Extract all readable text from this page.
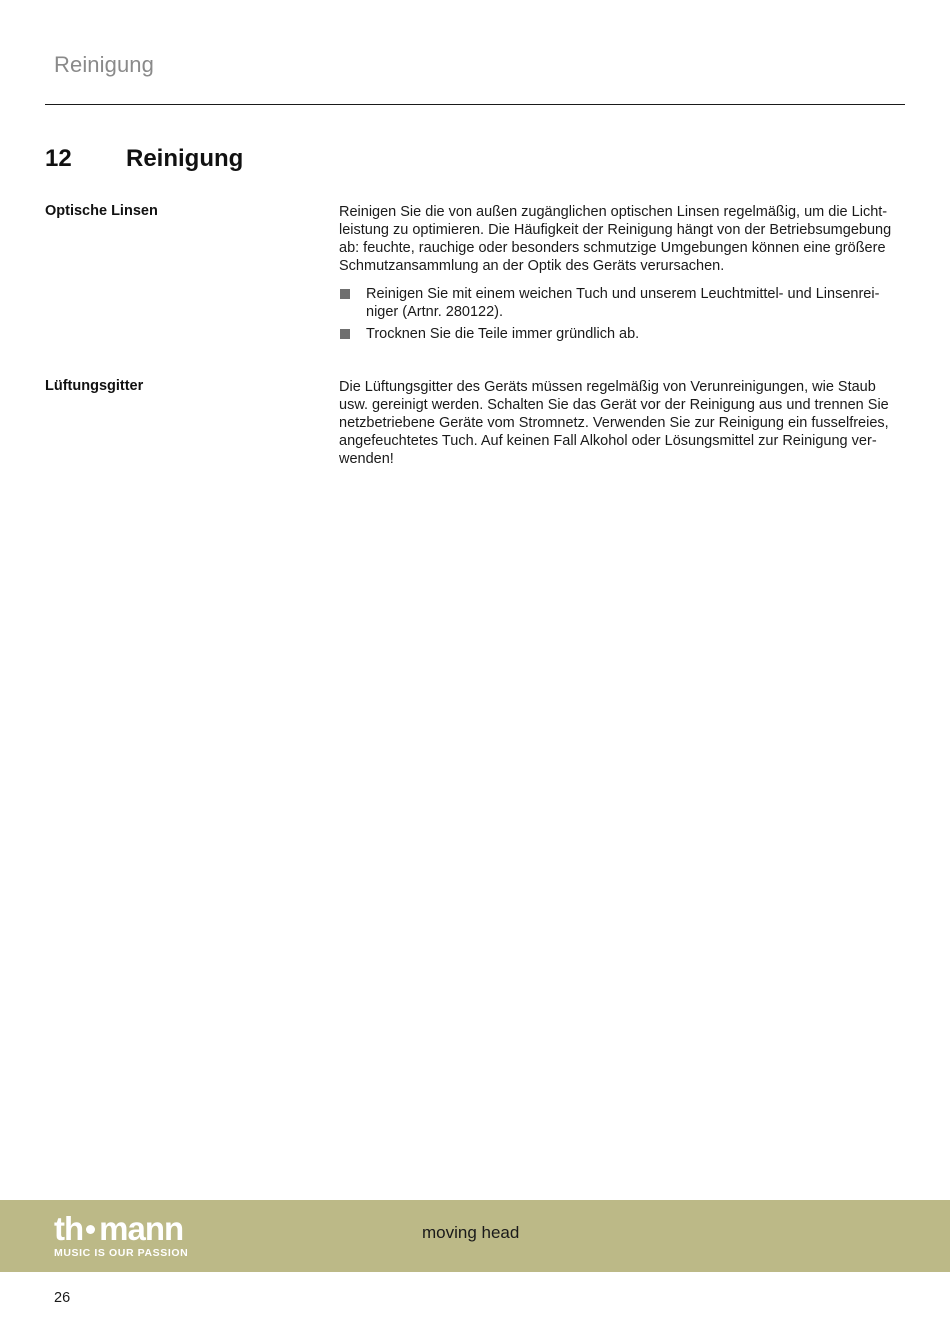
Reinigung
12 Reinigung
Optische Linsen	Reinigen Sie die von außen zugänglichen optischen Linsen regelmäßig, um die Lichtleistung zu optimieren. Die Häufigkeit der Reinigung hängt von der Betriebsumgebung ab: feuchte, rauchige oder besonders schmutzige Umgebungen können eine größere Schmutzansammlung an der Optik des Geräts verursachen.

Reinigen Sie mit einem weichen Tuch und unserem Leuchtmittel- und Linsenreiniger (Artnr. 280122).
Trocknen Sie die Teile immer gründlich ab.
Lüftungsgitter	Die Lüftungsgitter des Geräts müssen regelmäßig von Verunreinigungen, wie Staub usw. gereinigt werden. Schalten Sie das Gerät vor der Reinigung aus und trennen Sie netzbetriebene Geräte vom Stromnetz. Verwenden Sie zur Reinigung ein fusselfreies, angefeuchtetes Tuch. Auf keinen Fall Alkohol oder Lösungsmittel zur Reinigung verwenden!

th mann
MUSIC IS OUR PASSION
moving head
26
